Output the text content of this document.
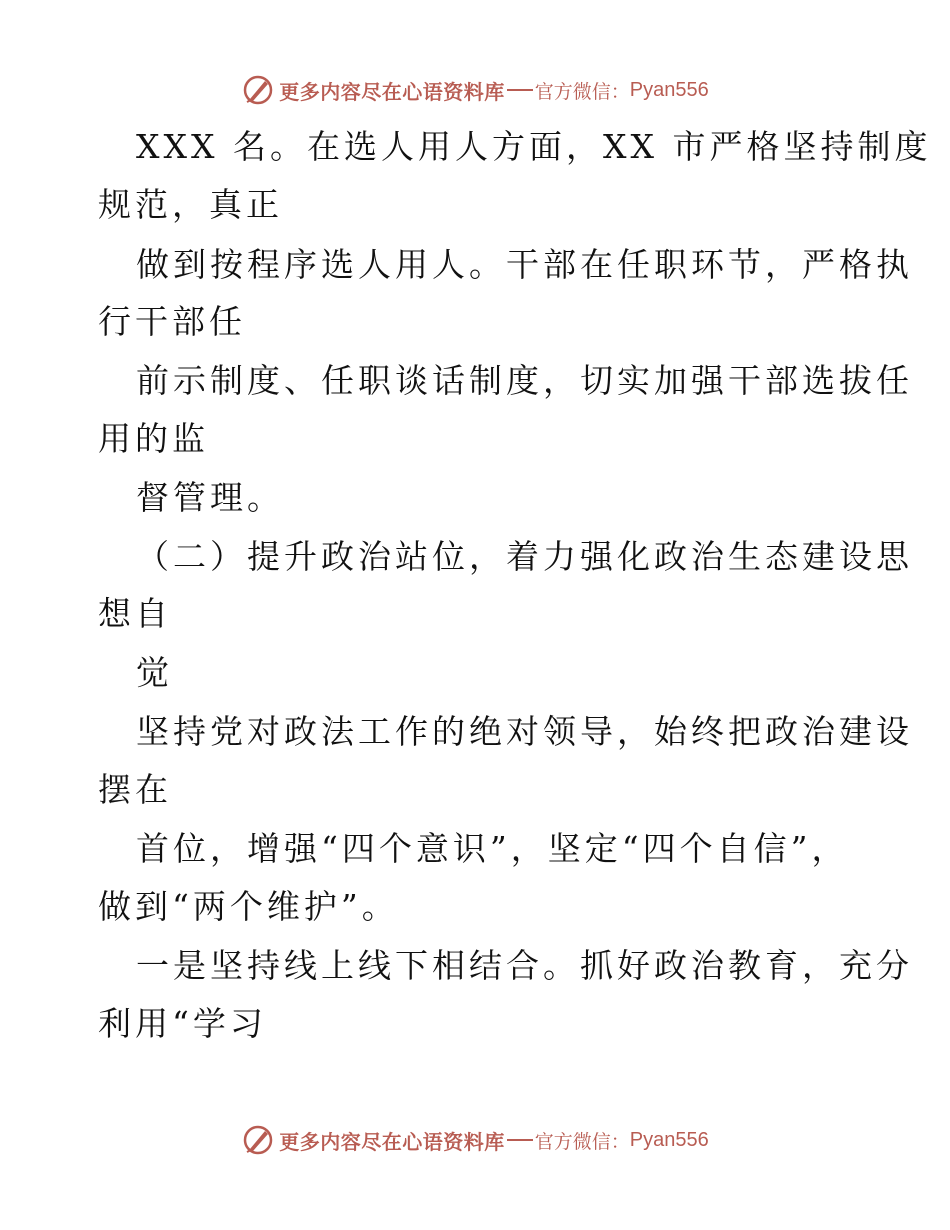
更多内容尽在心语资料库 官方微信： Pyan556
XXX 名。在选人用人方面，XX 市严格坚持制度
规范，真正
做到按程序选人用人。干部在任职环节，严格执
行干部任
前示制度、任职谈话制度，切实加强干部选拔任
用的监
督管理。
（二）提升政治站位，着力强化政治生态建设思
想自
觉
坚持党对政法工作的绝对领导，始终把政治建设
摆在
首位，增强“四个意识”，坚定“四个自信”，
做到“两个维护”。
一是坚持线上线下相结合。抓好政治教育，充分
利用“学习
更多内容尽在心语资料库 官方微信： Pyan556
